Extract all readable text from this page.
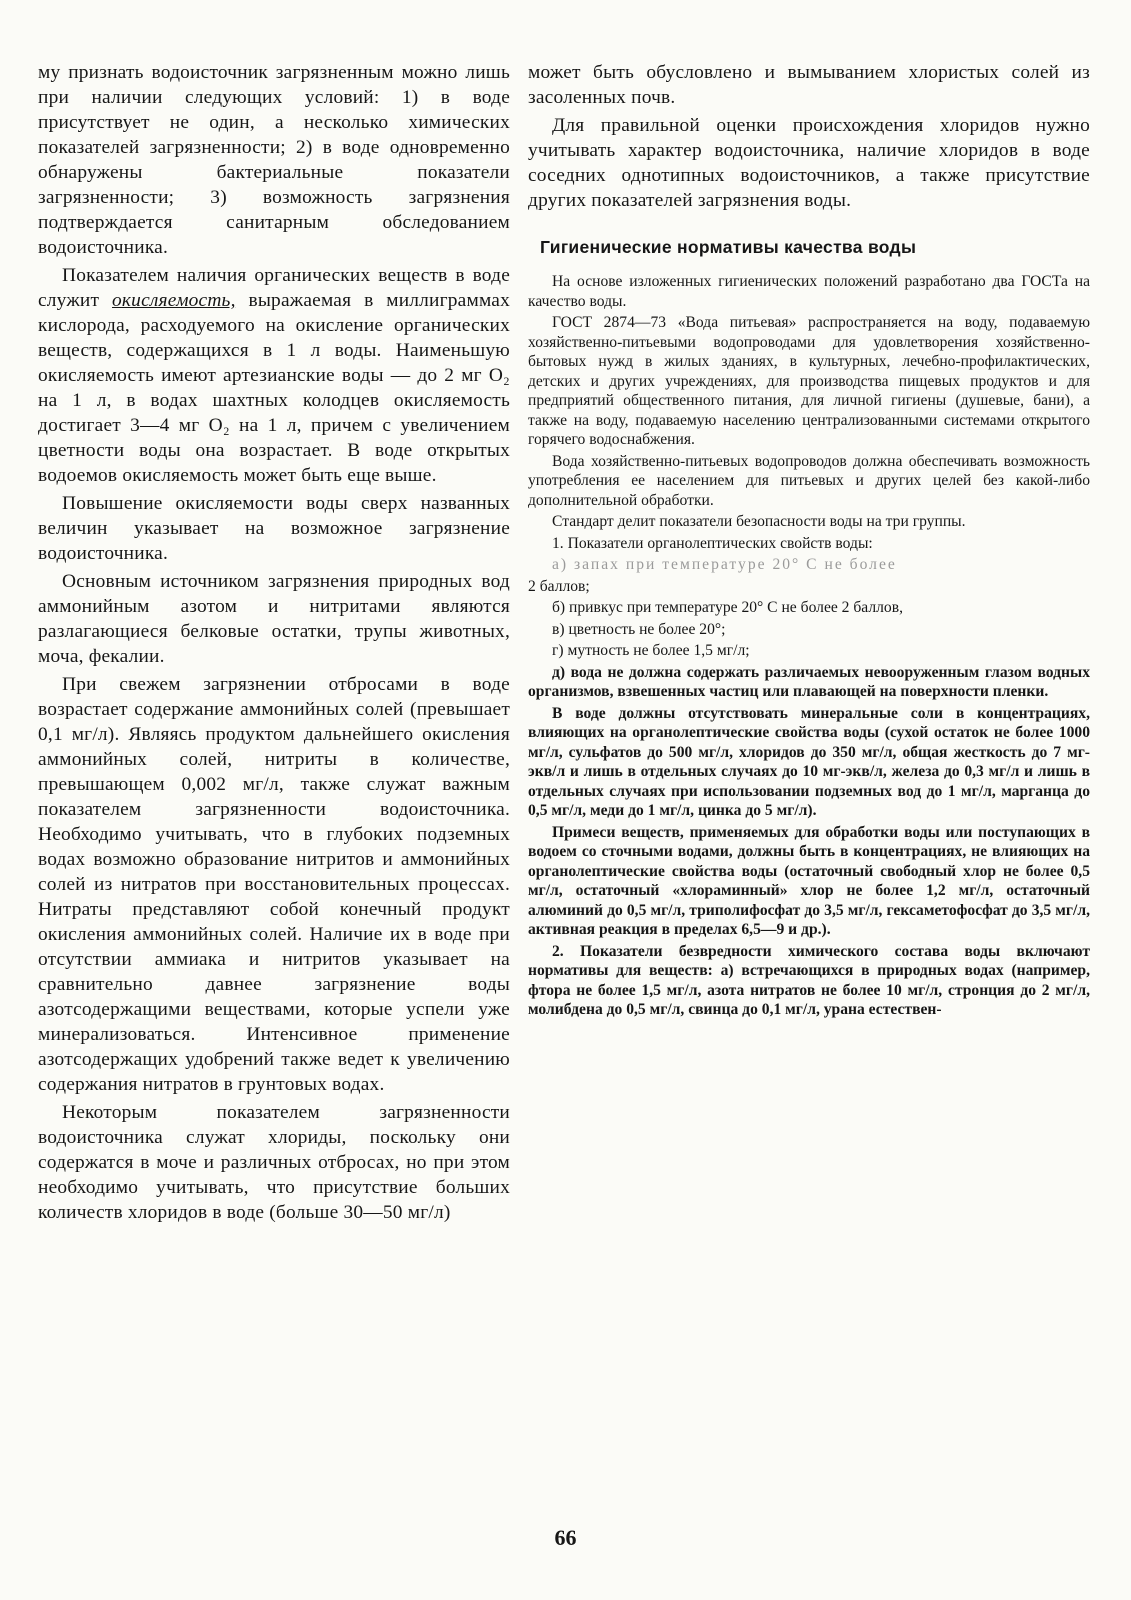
му признать водоисточник загрязненным можно лишь при наличии следующих условий: 1) в воде присутствует не один, а несколько химических показателей загрязненности; 2) в воде одновременно обнаружены бактериальные показатели загрязненности; 3) возможность загрязнения подтверждается санитарным обследованием водоисточника.

Показателем наличия органических веществ в воде служит окисляемость, выражаемая в миллиграммах кислорода, расходуемого на окисление органических веществ, содержащихся в 1 л воды. Наименьшую окисляемость имеют артезианские воды — до 2 мг O₂ на 1 л, в водах шахтных колодцев окисляемость достигает 3—4 мг O₂ на 1 л, причем с увеличением цветности воды она возрастает. В воде открытых водоемов окисляемость может быть еще выше.

Повышение окисляемости воды сверх названных величин указывает на возможное загрязнение водоисточника.

Основным источником загрязнения природных вод аммонийным азотом и нитритами являются разлагающиеся белковые остатки, трупы животных, моча, фекалии.

При свежем загрязнении отбросами в воде возрастает содержание аммонийных солей (превышает 0,1 мг/л). Являясь продуктом дальнейшего окисления аммонийных солей, нитриты в количестве, превышающем 0,002 мг/л, также служат важным показателем загрязненности водоисточника. Необходимо учитывать, что в глубоких подземных водах возможно образование нитритов и аммонийных солей из нитратов при восстановительных процессах. Нитраты представляют собой конечный продукт окисления аммонийных солей. Наличие их в воде при отсутствии аммиака и нитритов указывает на сравнительно давнее загрязнение воды азотсодержащими веществами, которые успели уже минерализоваться. Интенсивное применение азотсодержащих удобрений также ведет к увеличению содержания нитратов в грунтовых водах.

Некоторым показателем загрязненности водоисточника служат хлориды, поскольку они содержатся в моче и различных отбросах, но при этом необходимо учитывать, что присутствие больших количеств хлоридов в воде (больше 30—50 мг/л)

может быть обусловлено и вымыванием хлористых солей из засоленных почв.

Для правильной оценки происхождения хлоридов нужно учитывать характер водоисточника, наличие хлоридов в воде соседних однотипных водоисточников, а также присутствие других показателей загрязнения воды.

Гигиенические нормативы качества воды

На основе изложенных гигиенических положений разработано два ГОСТа на качество воды.

ГОСТ 2874—73 «Вода питьевая» распространяется на воду, подаваемую хозяйственно-питьевыми водопроводами для удовлетворения хозяйственно-бытовых нужд в жилых зданиях, в культурных, лечебно-профилактических, детских и других учреждениях, для производства пищевых продуктов и для предприятий общественного питания, для личной гигиены (душевые, бани), а также на воду, подаваемую населению централизованными системами открытого горячего водоснабжения.

Вода хозяйственно-питьевых водопроводов должна обеспечивать возможность употребления ее населением для питьевых и других целей без какой-либо дополнительной обработки.

Стандарт делит показатели безопасности воды на три группы.

1. Показатели органолептических свойств воды:

а) запах при температуре 20° С не более

2 баллов;

б) привкус при температуре 20° С не более 2 баллов,

в) цветность не более 20°;

г) мутность не более 1,5 мг/л;

д) вода не должна содержать различаемых невооруженным глазом водных организмов, взвешенных частиц или плавающей на поверхности пленки.

В воде должны отсутствовать минеральные соли в концентрациях, влияющих на органолептические свойства воды (сухой остаток не более 1000 мг/л, сульфатов до 500 мг/л, хлоридов до 350 мг/л, общая жесткость до 7 мг-экв/л и лишь в отдельных случаях до 10 мг-экв/л, железа до 0,3 мг/л и лишь в отдельных случаях при использовании подземных вод до 1 мг/л, марганца до 0,5 мг/л, меди до 1 мг/л, цинка до 5 мг/л).

Примеси веществ, применяемых для обработки воды или поступающих в водоем со сточными водами, должны быть в концентрациях, не влияющих на органолептические свойства воды (остаточный свободный хлор не более 0,5 мг/л, остаточный «хлораминный» хлор не более 1,2 мг/л, остаточный алюминий до 0,5 мг/л, триполифосфат до 3,5 мг/л, гексаметофосфат до 3,5 мг/л, активная реакция в пределах 6,5—9 и др.).

2. Показатели безвредности химического состава воды включают нормативы для веществ: а) встречающихся в природных водах (например, фтора не более 1,5 мг/л, азота нитратов не более 10 мг/л, стронция до 2 мг/л, молибдена до 0,5 мг/л, свинца до 0,1 мг/л, урана естествен-

66
